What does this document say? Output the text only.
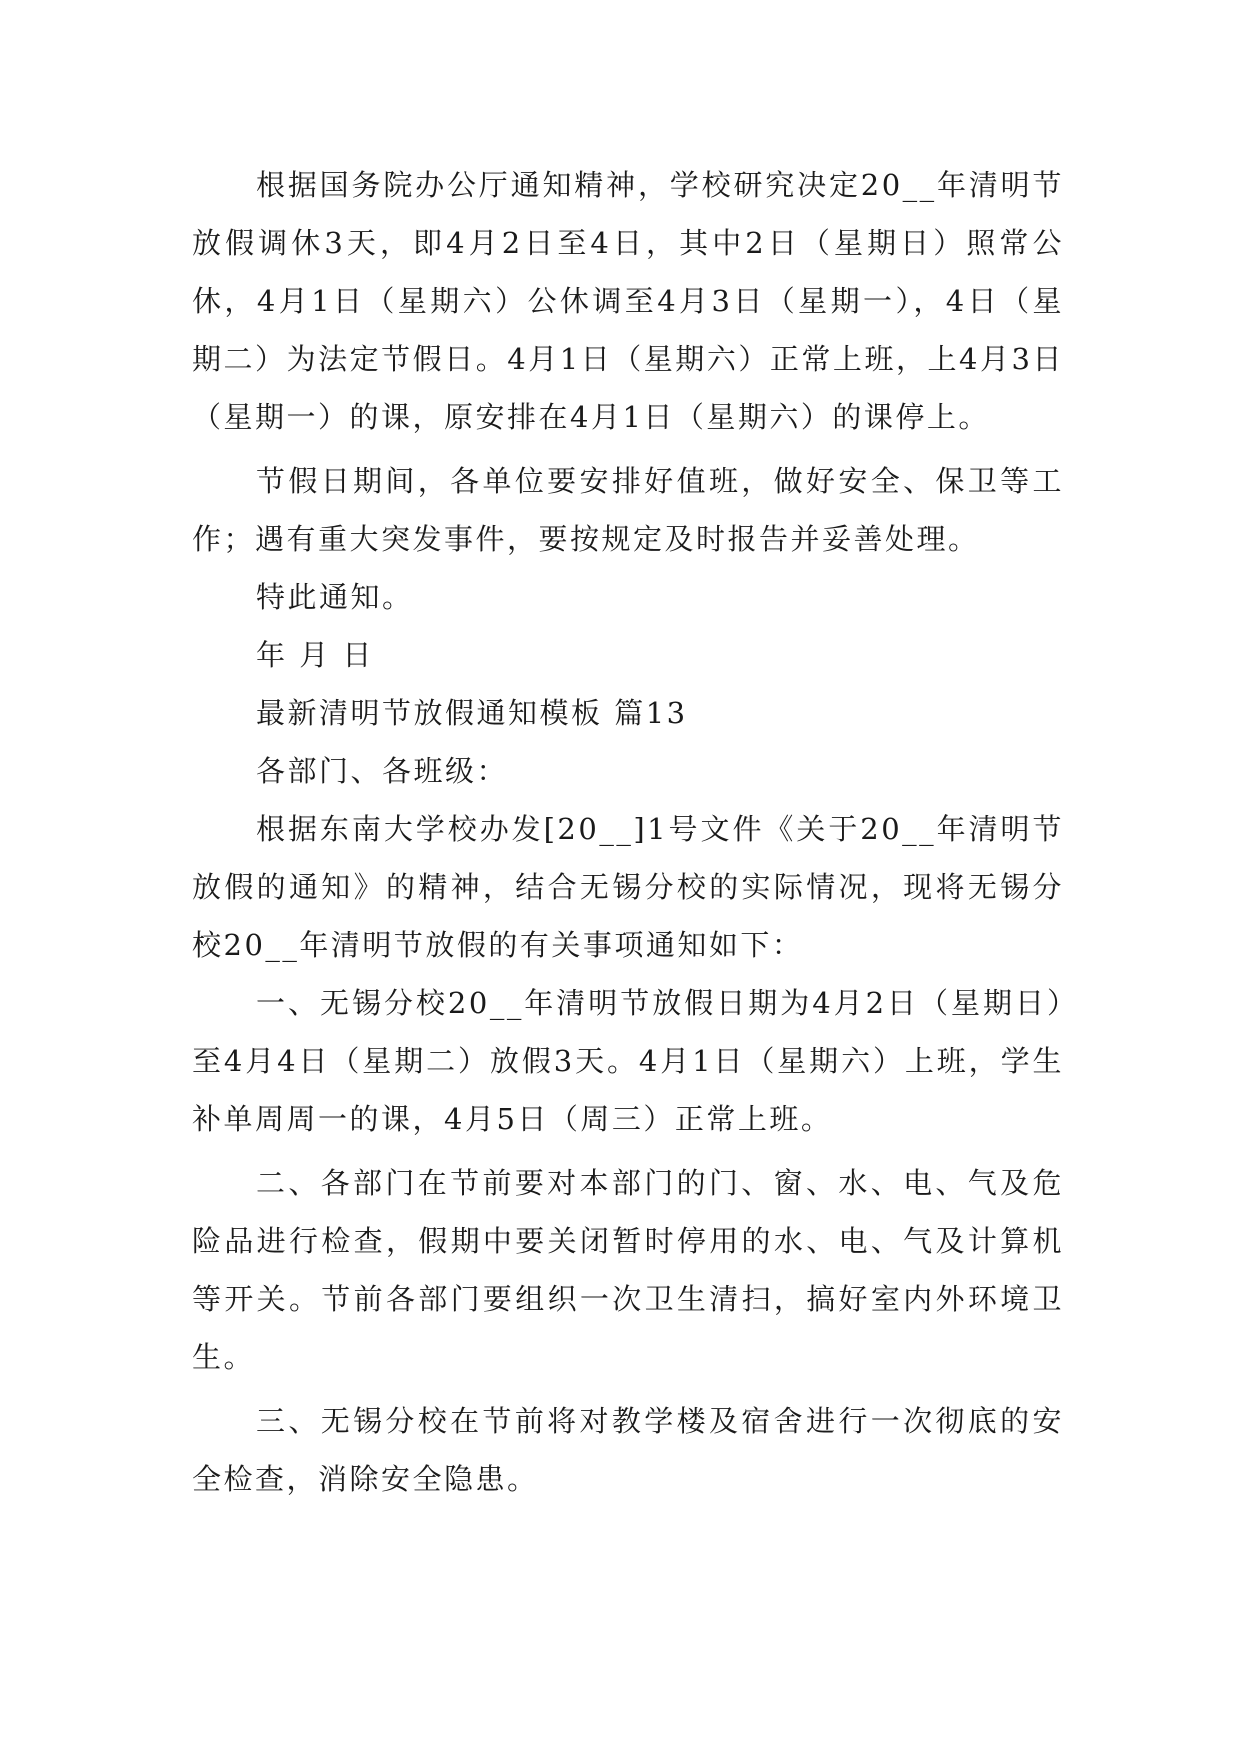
根据国务院办公厅通知精神，学校研究决定20__年清明节放假调休3天，即4月2日至4日，其中2日（星期日）照常公休，4月1日（星期六）公休调至4月3日（星期一），4日（星期二）为法定节假日。4月1日（星期六）正常上班，上4月3日（星期一）的课，原安排在4月1日（星期六）的课停上。

节假日期间，各单位要安排好值班，做好安全、保卫等工作；遇有重大突发事件，要按规定及时报告并妥善处理。

特此通知。

年 月 日

最新清明节放假通知模板 篇13

各部门、各班级：

根据东南大学校办发[20__]1号文件《关于20__年清明节放假的通知》的精神，结合无锡分校的实际情况，现将无锡分校20__年清明节放假的有关事项通知如下：

一、无锡分校20__年清明节放假日期为4月2日（星期日）至4月4日（星期二）放假3天。4月1日（星期六）上班，学生补单周周一的课，4月5日（周三）正常上班。

二、各部门在节前要对本部门的门、窗、水、电、气及危险品进行检查，假期中要关闭暂时停用的水、电、气及计算机等开关。节前各部门要组织一次卫生清扫，搞好室内外环境卫生。

三、无锡分校在节前将对教学楼及宿舍进行一次彻底的安全检查，消除安全隐患。
